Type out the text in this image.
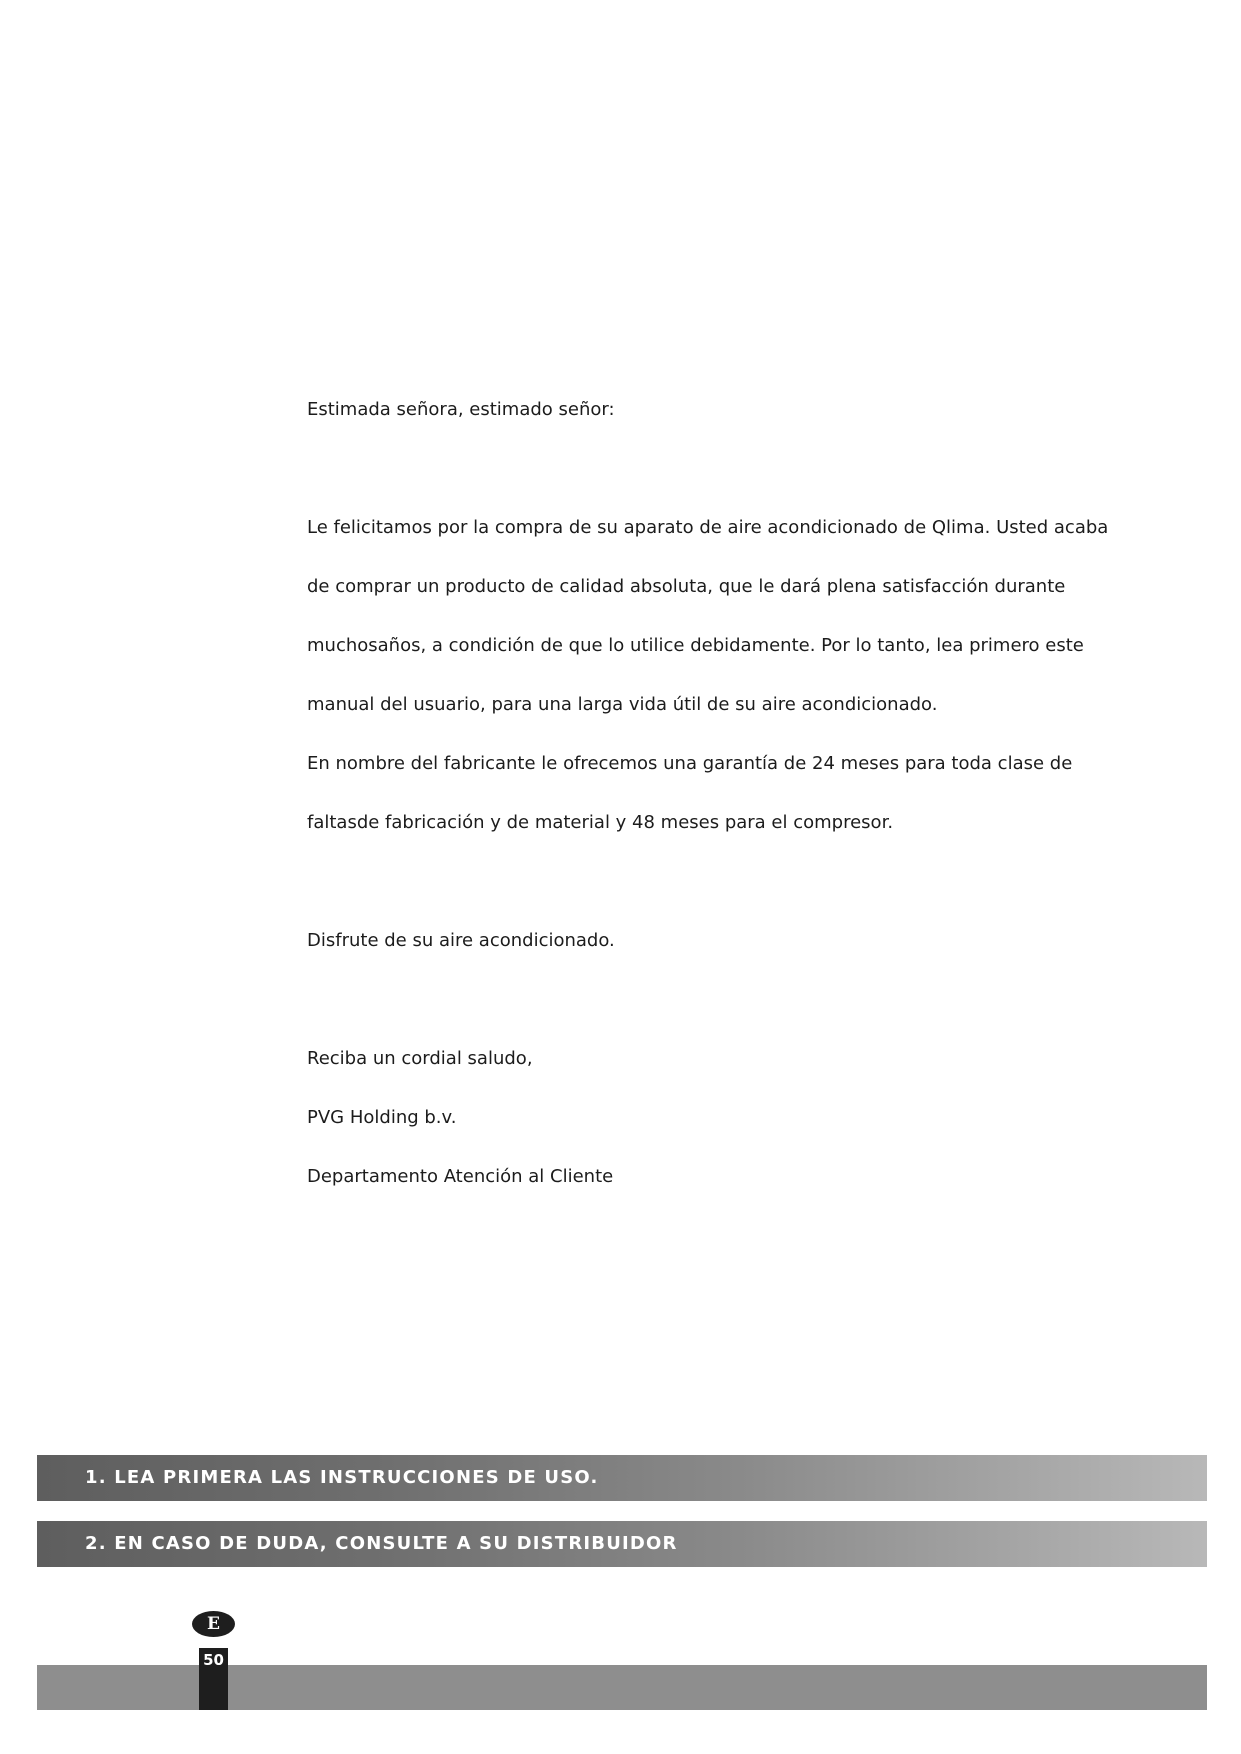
Estimada señora, estimado señor:
Le felicitamos por la compra de su aparato de aire acondicionado de Qlima. Usted acaba
de comprar un producto de calidad absoluta, que le dará plena satisfacción durante
muchosaños, a condición de que lo utilice debidamente. Por lo tanto, lea primero este
manual del usuario, para una larga vida útil de su aire acondicionado.
En nombre del fabricante le ofrecemos una garantía de 24 meses para toda clase de
faltasde fabricación y de material y 48 meses para el compresor.
Disfrute de su aire acondicionado.
Reciba un cordial saludo,
PVG Holding b.v.
Departamento Atención al Cliente
1. LEA PRIMERA LAS INSTRUCCIONES DE USO.
2. EN CASO DE DUDA, CONSULTE A SU DISTRIBUIDOR
E
50
